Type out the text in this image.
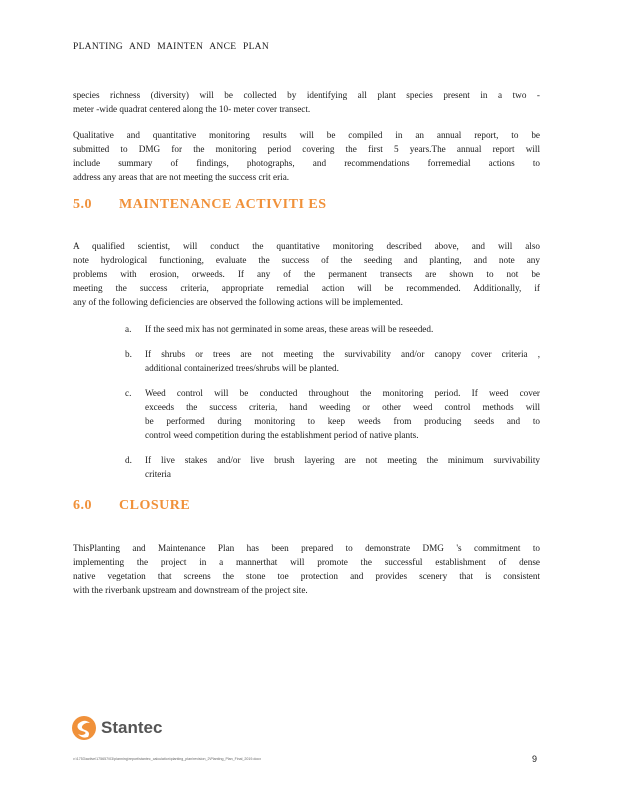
PLANTING AND MAINTEN ANCE PLAN

species richness (diversity) will be collected by identifying all plant species present in a two -
meter -wide quadrat centered along the 10- meter cover transect.

Qualitative and quantitative monitoring results will be compiled in an annual report, to be
submitted to DMG for the monitoring period covering the first 5 years.The annual report will
include summary of findings, photographs, and recommendations forremedial actions to
address any areas that are not meeting the success crit eria.

5.0 MAINTENANCE ACTIVITI ES

A qualified scientist, will conduct the quantitative monitoring described above, and will also
note hydrological functioning, evaluate the success of the seeding and planting, and note any
problems with erosion, orweeds. If any of the permanent transects are shown to not be
meeting the success criteria, appropriate remedial action will be recommended. Additionally, if
any of the following deficiencies are observed the following actions will be implemented.

a. If the seed mix has not germinated in some areas, these areas will be reseeded.
b. If shrubs or trees are not meeting the survivability and/or canopy cover criteria ,
additional containerized trees/shrubs will be planted.
c. Weed control will be conducted throughout the monitoring period. If weed cover
exceeds the success criteria, hand weeding or other weed control methods will
be performed during monitoring to keep weeds from producing seeds and to
control weed competition during the establishment period of native plants.
d. If live stakes and/or live brush layering are not meeting the minimum survivability
criteria
6.0 CLOSURE

ThisPlanting and Maintenance Plan has been prepared to demonstrate DMG 's commitment to
implementing the project in a mannerthat will promote the successful establishment of dense
native vegetation that screens the stone toe protection and provides scenery that is consistent
with the riverbank upstream and downstream of the project site.

Stantec
v:\1753\active\175657\03\planning\report\stantec_calculation\planting_plan\revision_2\Planting_Plan_Final_2019.docx	9
